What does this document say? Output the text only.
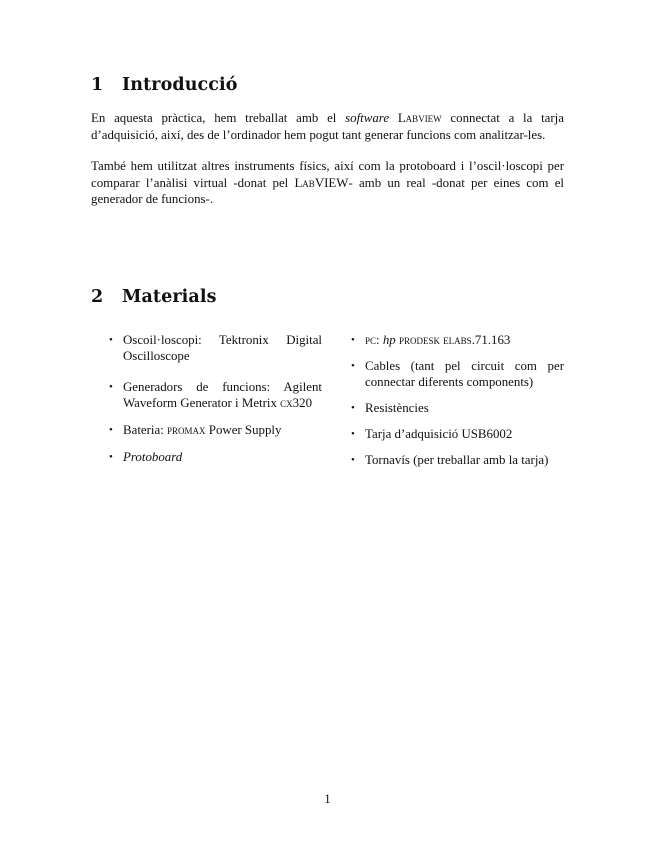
1 Introducció

En aquesta pràctica, hem treballat amb el software Labview connectat a la tarja d’adquisició, així, des de l’ordinador hem pogut tant generar funcions com analitzar-les.

També hem utilitzat altres instruments físics, així com la protoboard i l’oscil·loscopi per comparar l’anàlisi virtual -donat pel LabVIEW- amb un real -donat per eines com el generador de funcions-.

2 Materials
• Oscoil·loscopi: Tektronix Digital Oscilloscope
• Generadors de funcions: Agilent Waveform Generator i Metrix cx320
• Bateria: promax Power Supply
• Protoboard
• pc: hp prodesk elabs.71.163
• Cables (tant pel circuit com per connectar diferents components)
• Resistències
• Tarja d’adquisició USB6002
• Tornavís (per treballar amb la tarja)
1
